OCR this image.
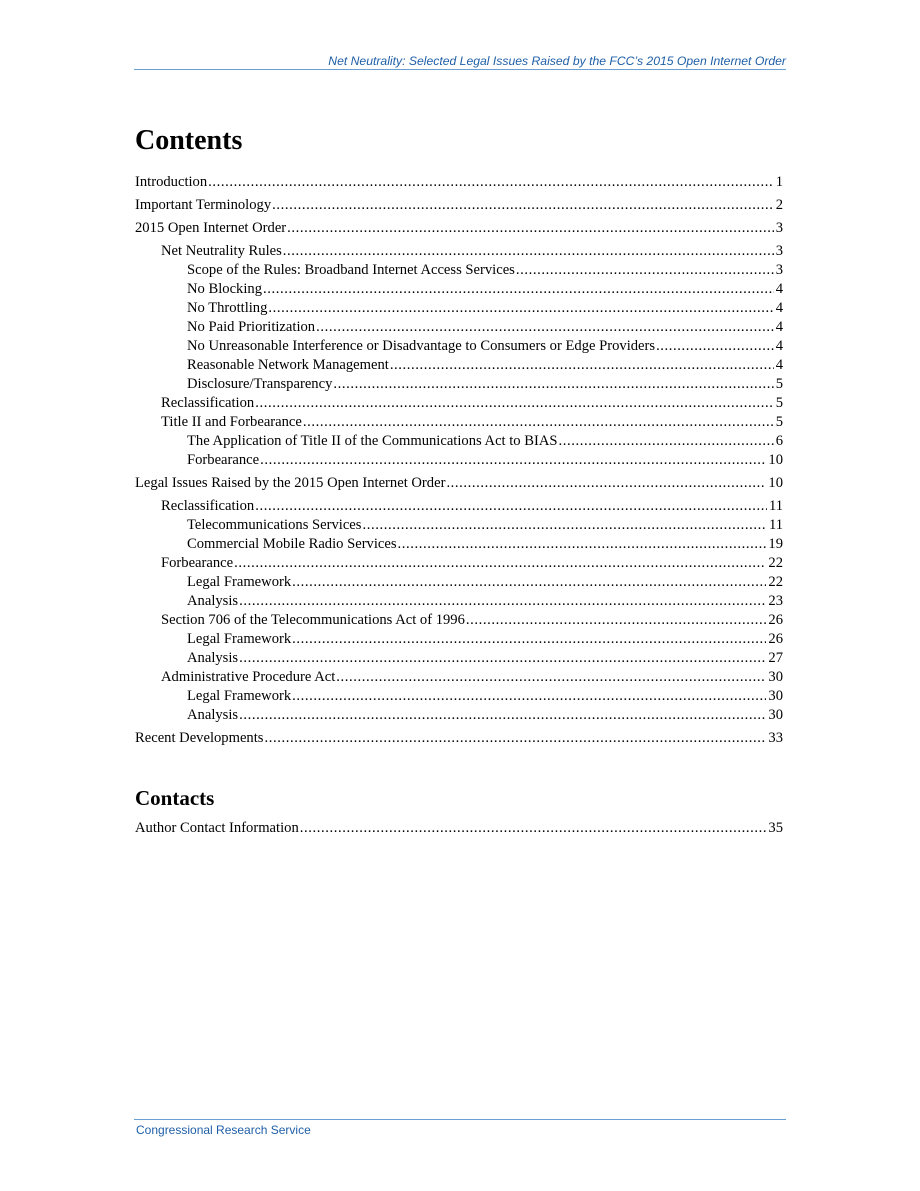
Net Neutrality: Selected Legal Issues Raised by the FCC’s 2015 Open Internet Order
Contents
Introduction .....	1
Important Terminology .....	2
2015 Open Internet Order .....	3
Net Neutrality Rules .....	3
Scope of the Rules: Broadband Internet Access Services .....	3
No Blocking .....	4
No Throttling .....	4
No Paid Prioritization .....	4
No Unreasonable Interference or Disadvantage to Consumers or Edge Providers .....	4
Reasonable Network Management .....	4
Disclosure/Transparency .....	5
Reclassification .....	5
Title II and Forbearance .....	5
The Application of Title II of the Communications Act to BIAS .....	6
Forbearance .....	10
Legal Issues Raised by the 2015 Open Internet Order .....	10
Reclassification .....	11
Telecommunications Services .....	11
Commercial Mobile Radio Services .....	19
Forbearance .....	22
Legal Framework .....	22
Analysis .....	23
Section 706 of the Telecommunications Act of 1996 .....	26
Legal Framework .....	26
Analysis .....	27
Administrative Procedure Act .....	30
Legal Framework .....	30
Analysis .....	30
Recent Developments .....	33
Contacts
Author Contact Information .....	35
Congressional Research Service
